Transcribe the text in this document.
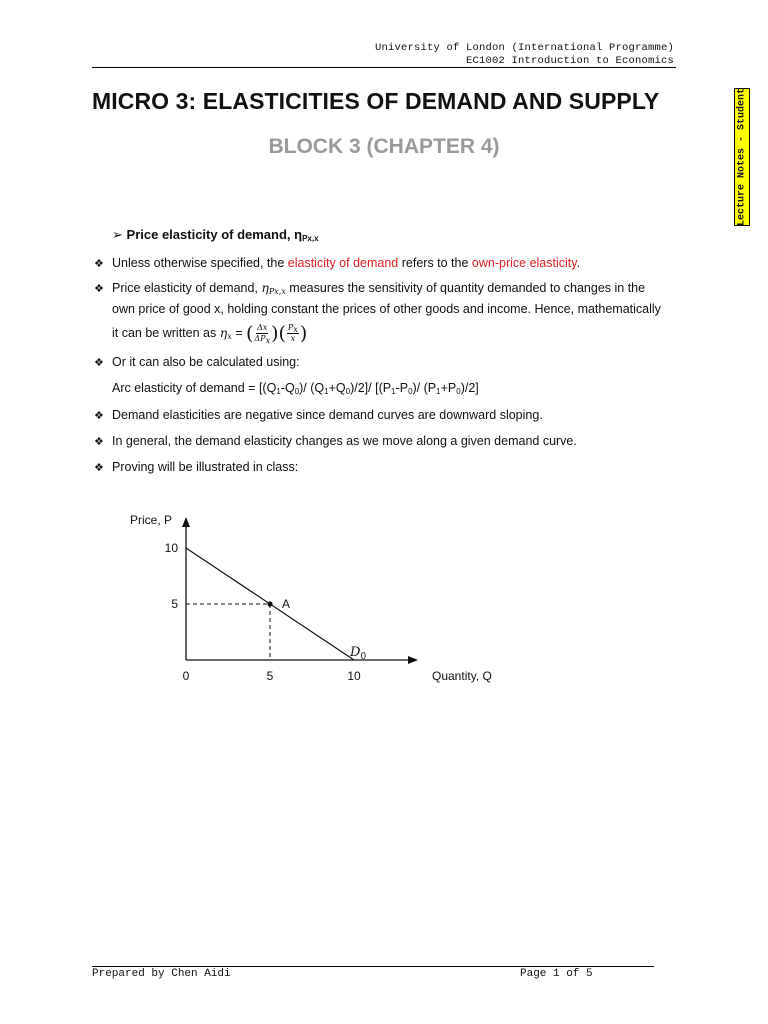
University of London (International Programme)
EC1002 Introduction to Economics
Lecture Notes - Student
MICRO 3: ELASTICITIES OF DEMAND AND SUPPLY
BLOCK 3 (CHAPTER 4)
➢ Price elasticity of demand, $\eta_{Px,x}$
❖ Unless otherwise specified, the elasticity of demand refers to the own-price elasticity.
❖ Price elasticity of demand, $\eta_{Px,x}$ measures the sensitivity of quantity demanded to changes in the
own price of good x, holding constant the prices of other goods and income. Hence, mathematically
it can be written as $\eta_x$ = ( $\frac{\Delta x}{\Delta P_x}$ )( $\frac{P_x}{x}$ )
❖ Or it can also be calculated using:
Arc elasticity of demand = [$(Q_1-Q_0)/$ $(Q_1+Q_0)/2]/$ [$(P_1-P_0)/$ $(P_1+P_0)/2$]
❖ Demand elasticities are negative since demand curves are downward sloping.
❖ In general, the demand elasticity changes as we move along a given demand curve.
❖ Proving will be illustrated in class:
Price, P
Quantity, Q
0	5	10
10
5
$D_0$
A
Prepared by Chen Aidi	Page 1 of 5
